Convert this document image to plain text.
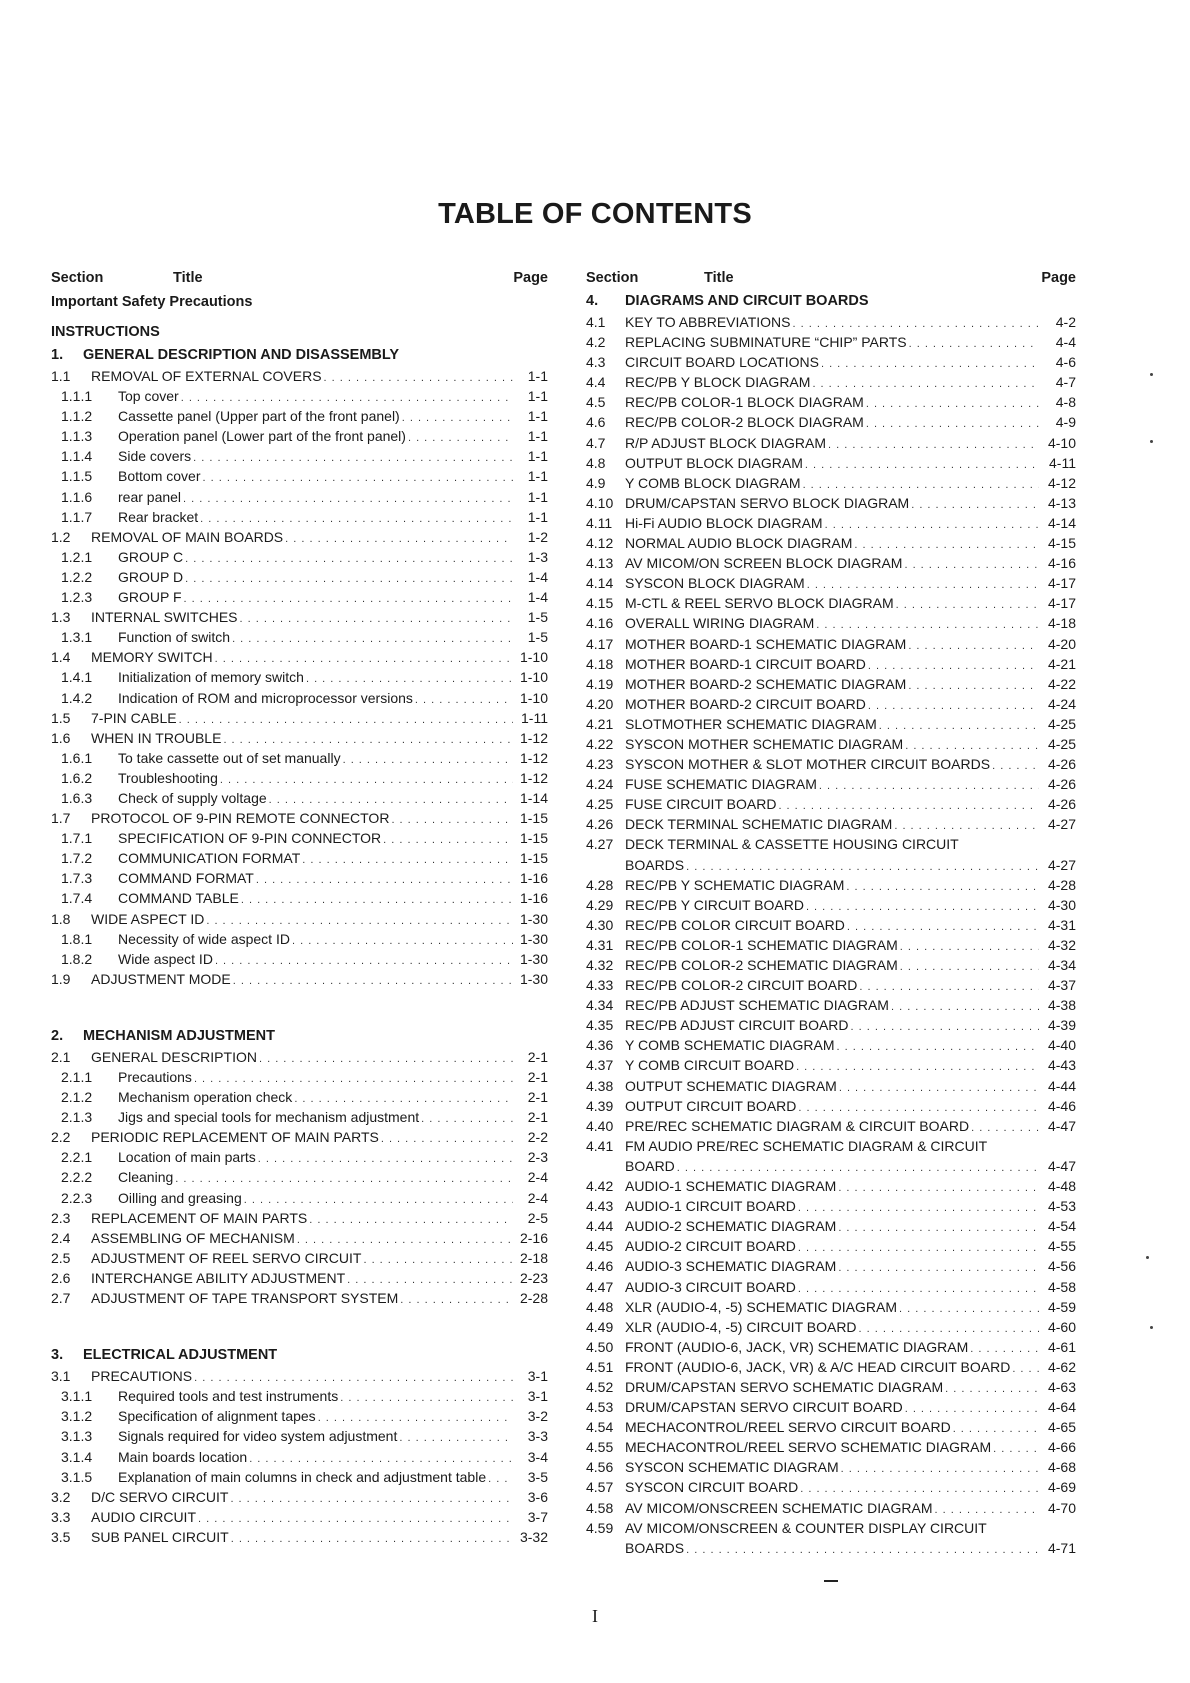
TABLE OF CONTENTS
Section	Title	Page
Important Safety Precautions
INSTRUCTIONS
1.	GENERAL DESCRIPTION AND DISASSEMBLY
1.1	REMOVAL OF EXTERNAL COVERS . . .	1-1
1.1.1	Top cover . . .	1-1
1.1.2	Cassette panel (Upper part of the front panel) . . .	1-1
1.1.3	Operation panel (Lower part of the front panel) . . .	1-1
1.1.4	Side covers . . .	1-1
1.1.5	Bottom cover . . .	1-1
1.1.6	rear panel . . .	1-1
1.1.7	Rear bracket . . .	1-1
1.2	REMOVAL OF MAIN BOARDS . . .	1-2
1.2.1	GROUP C . . .	1-3
1.2.2	GROUP D . . .	1-4
1.2.3	GROUP F . . .	1-4
1.3	INTERNAL SWITCHES . . .	1-5
1.3.1	Function of switch . . .	1-5
1.4	MEMORY SWITCH . . .	1-10
1.4.1	Initialization of memory switch . . .	1-10
1.4.2	Indication of ROM and microprocessor versions . . .	1-10
1.5	7-PIN CABLE . . .	1-11
1.6	WHEN IN TROUBLE . . .	1-12
1.6.1	To take cassette out of set manually . . .	1-12
1.6.2	Troubleshooting . . .	1-12
1.6.3	Check of supply voltage . . .	1-14
1.7	PROTOCOL OF 9-PIN REMOTE CONNECTOR . . .	1-15
1.7.1	SPECIFICATION OF 9-PIN CONNECTOR . . .	1-15
1.7.2	COMMUNICATION FORMAT . . .	1-15
1.7.3	COMMAND FORMAT . . .	1-16
1.7.4	COMMAND TABLE . . .	1-16
1.8	WIDE ASPECT ID . . .	1-30
1.8.1	Necessity of wide aspect ID . . .	1-30
1.8.2	Wide aspect ID . . .	1-30
1.9	ADJUSTMENT MODE . . .	1-30
2.	MECHANISM ADJUSTMENT
2.1	GENERAL DESCRIPTION . . .	2-1
2.1.1	Precautions . . .	2-1
2.1.2	Mechanism operation check . . .	2-1
2.1.3	Jigs and special tools for mechanism adjustment . . .	2-1
2.2	PERIODIC REPLACEMENT OF MAIN PARTS . . .	2-2
2.2.1	Location of main parts . . .	2-3
2.2.2	Cleaning . . .	2-4
2.2.3	Oilling and greasing . . .	2-4
2.3	REPLACEMENT OF MAIN PARTS . . .	2-5
2.4	ASSEMBLING OF MECHANISM . . .	2-16
2.5	ADJUSTMENT OF REEL SERVO CIRCUIT . . .	2-18
2.6	INTERCHANGE ABILITY ADJUSTMENT . . .	2-23
2.7	ADJUSTMENT OF TAPE TRANSPORT SYSTEM . . .	2-28
3.	ELECTRICAL ADJUSTMENT
3.1	PRECAUTIONS . . .	3-1
3.1.1	Required tools and test instruments . . .	3-1
3.1.2	Specification of alignment tapes . . .	3-2
3.1.3	Signals required for video system adjustment . . .	3-3
3.1.4	Main boards location . . .	3-4
3.1.5	Explanation of main columns in check and adjustment table . . .	3-5
3.2	D/C SERVO CIRCUIT . . .	3-6
3.3	AUDIO CIRCUIT . . .	3-7
3.5	SUB PANEL CIRCUIT . . .	3-32
Section	Title	Page
4.	DIAGRAMS AND CIRCUIT BOARDS
4.1	KEY TO ABBREVIATIONS . . .	4-2
4.2	REPLACING SUBMINATURE “CHIP” PARTS . . .	4-4
4.3	CIRCUIT BOARD LOCATIONS . . .	4-6
4.4	REC/PB Y BLOCK DIAGRAM . . .	4-7
4.5	REC/PB COLOR-1 BLOCK DIAGRAM . . .	4-8
4.6	REC/PB COLOR-2 BLOCK DIAGRAM . . .	4-9
4.7	R/P ADJUST BLOCK DIAGRAM . . .	4-10
4.8	OUTPUT BLOCK DIAGRAM . . .	4-11
4.9	Y COMB BLOCK DIAGRAM . . .	4-12
4.10 DRUM/CAPSTAN SERVO BLOCK DIAGRAM . . .	4-13
4.11 Hi-Fi AUDIO BLOCK DIAGRAM . . .	4-14
4.12 NORMAL AUDIO BLOCK DIAGRAM . . .	4-15
4.13 AV MICOM/ON SCREEN BLOCK DIAGRAM . . .	4-16
4.14 SYSCON BLOCK DIAGRAM . . .	4-17
4.15 M-CTL & REEL SERVO BLOCK DIAGRAM . . .	4-17
4.16 OVERALL WIRING DIAGRAM . . .	4-18
4.17 MOTHER BOARD-1 SCHEMATIC DIAGRAM . . .	4-20
4.18 MOTHER BOARD-1 CIRCUIT BOARD . . .	4-21
4.19 MOTHER BOARD-2 SCHEMATIC DIAGRAM . . .	4-22
4.20 MOTHER BOARD-2 CIRCUIT BOARD . . .	4-24
4.21 SLOTMOTHER SCHEMATIC DIAGRAM . . .	4-25
4.22 SYSCON MOTHER SCHEMATIC DIAGRAM . . .	4-25
4.23 SYSCON MOTHER & SLOT MOTHER CIRCUIT BOARDS . . .	4-26
4.24 FUSE SCHEMATIC DIAGRAM . . .	4-26
4.25 FUSE CIRCUIT BOARD . . .	4-26
4.26 DECK TERMINAL SCHEMATIC DIAGRAM . . .	4-27
4.27 DECK TERMINAL & CASSETTE HOUSING CIRCUIT
BOARDS . . .	4-27
4.28 REC/PB Y SCHEMATIC DIAGRAM . . .	4-28
4.29 REC/PB Y CIRCUIT BOARD . . .	4-30
4.30 REC/PB COLOR CIRCUIT BOARD . . .	4-31
4.31 REC/PB COLOR-1 SCHEMATIC DIAGRAM . . .	4-32
4.32 REC/PB COLOR-2 SCHEMATIC DIAGRAM . . .	4-34
4.33 REC/PB COLOR-2 CIRCUIT BOARD . . .	4-37
4.34 REC/PB ADJUST SCHEMATIC DIAGRAM . . .	4-38
4.35 REC/PB ADJUST CIRCUIT BOARD . . .	4-39
4.36 Y COMB SCHEMATIC DIAGRAM . . .	4-40
4.37 Y COMB CIRCUIT BOARD . . .	4-43
4.38 OUTPUT SCHEMATIC DIAGRAM . . .	4-44
4.39 OUTPUT CIRCUIT BOARD . . .	4-46
4.40 PRE/REC SCHEMATIC DIAGRAM & CIRCUIT BOARD . . .	4-47
4.41 FM AUDIO PRE/REC SCHEMATIC DIAGRAM & CIRCUIT
BOARD . . .	4-47
4.42 AUDIO-1 SCHEMATIC DIAGRAM . . .	4-48
4.43 AUDIO-1 CIRCUIT BOARD . . .	4-53
4.44 AUDIO-2 SCHEMATIC DIAGRAM . . .	4-54
4.45 AUDIO-2 CIRCUIT BOARD . . .	4-55
4.46 AUDIO-3 SCHEMATIC DIAGRAM . . .	4-56
4.47 AUDIO-3 CIRCUIT BOARD . . .	4-58
4.48 XLR (AUDIO-4, -5) SCHEMATIC DIAGRAM . . .	4-59
4.49 XLR (AUDIO-4, -5) CIRCUIT BOARD . . .	4-60
4.50 FRONT (AUDIO-6, JACK, VR) SCHEMATIC DIAGRAM . . .	4-61
4.51 FRONT (AUDIO-6, JACK, VR) & A/C HEAD CIRCUIT BOARD . . .	4-62
4.52 DRUM/CAPSTAN SERVO SCHEMATIC DIAGRAM . . .	4-63
4.53 DRUM/CAPSTAN SERVO CIRCUIT BOARD . . .	4-64
4.54 MECHACONTROL/REEL SERVO CIRCUIT BOARD . . .	4-65
4.55 MECHACONTROL/REEL SERVO SCHEMATIC DIAGRAM . . .	4-66
4.56 SYSCON SCHEMATIC DIAGRAM . . .	4-68
4.57 SYSCON CIRCUIT BOARD . . .	4-69
4.58 AV MICOM/ONSCREEN SCHEMATIC DIAGRAM . . .	4-70
4.59 AV MICOM/ONSCREEN & COUNTER DISPLAY CIRCUIT
BOARDS . . .	4-71
I
